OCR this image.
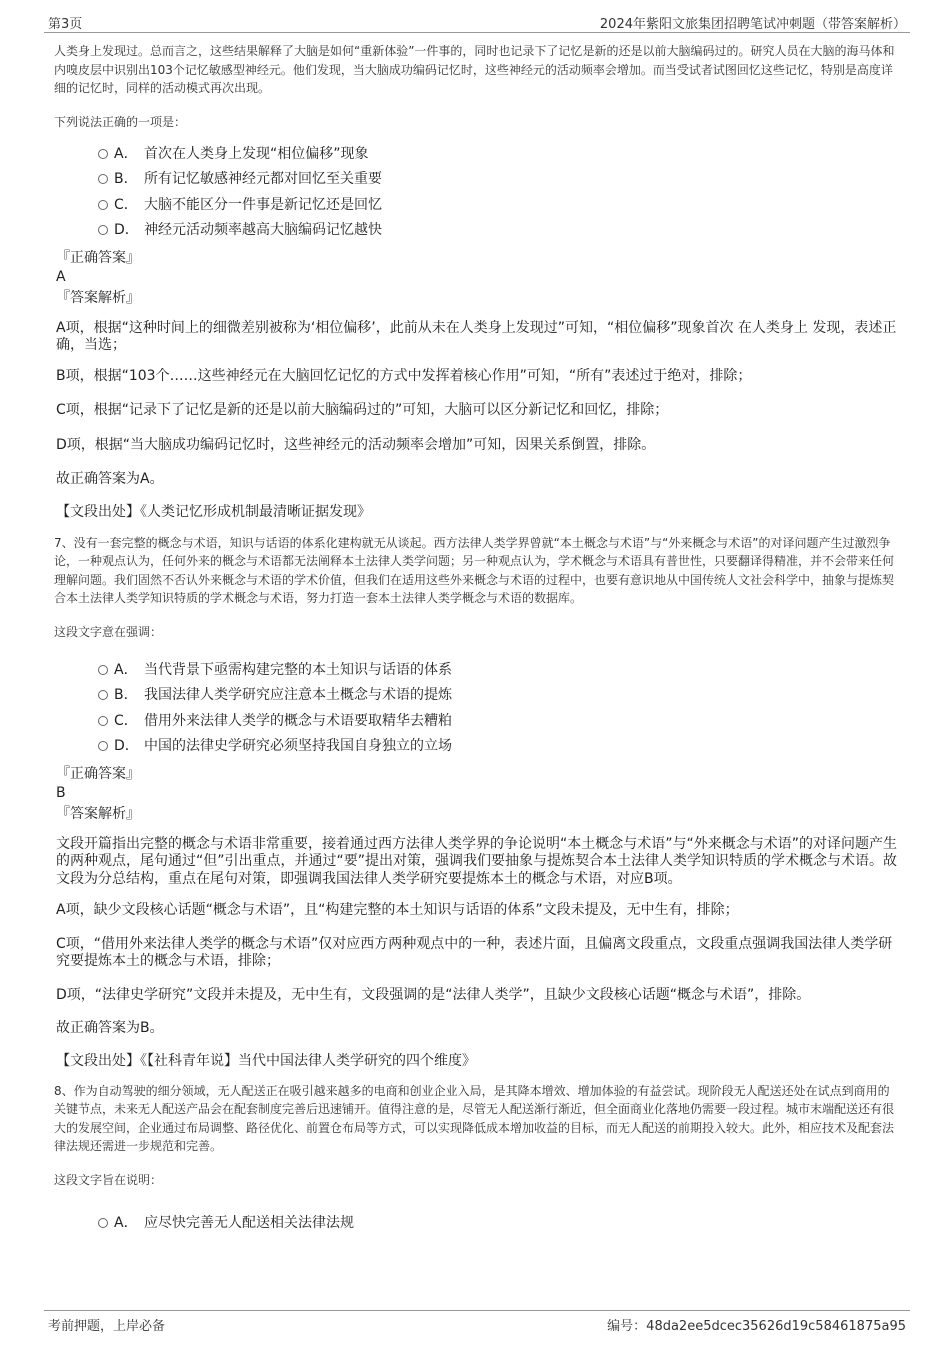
第3页	2024年紫阳文旅集团招聘笔试冲刺题（带答案解析）

人类身上发现过。总而言之，这些结果解释了大脑是如何“重新体验”一件事的，同时也记录下了记忆是新的还是以前大脑编码过的。研究人员在大脑的海马体和内嗅皮层中识别出103个记忆敏感型神经元。他们发现，当大脑成功编码记忆时，这些神经元的活动频率会增加。而当受试者试图回忆这些记忆，特别是高度详细的记忆时，同样的活动模式再次出现。

下列说法正确的一项是：

A． 首次在人类身上发现“相位偏移”现象
B． 所有记忆敏感神经元都对回忆至关重要
C． 大脑不能区分一件事是新记忆还是回忆
D． 神经元活动频率越高大脑编码记忆越快

『正确答案』

A

『答案解析』

A项，根据“这种时间上的细微差别被称为‘相位偏移’，此前从未在人类身上发现过”可知，“相位偏移”现象首次 在人类身上 发现，表述正确，当选；

B项，根据“103个……这些神经元在大脑回忆记忆的方式中发挥着核心作用”可知，“所有”表述过于绝对，排除；

C项，根据“记录下了记忆是新的还是以前大脑编码过的”可知，大脑可以区分新记忆和回忆，排除；

D项，根据“当大脑成功编码记忆时，这些神经元的活动频率会增加”可知，因果关系倒置，排除。

故正确答案为A。

【文段出处】《人类记忆形成机制最清晰证据发现》

7、没有一套完整的概念与术语，知识与话语的体系化建构就无从谈起。西方法律人类学界曾就“本土概念与术语”与“外来概念与术语”的对译问题产生过激烈争论，一种观点认为，任何外来的概念与术语都无法阐释本土法律人类学问题；另一种观点认为，学术概念与术语具有普世性，只要翻译得精准，并不会带来任何理解问题。我们固然不否认外来概念与术语的学术价值，但我们在适用这些外来概念与术语的过程中，也要有意识地从中国传统人文社会科学中，抽象与提炼契合本土法律人类学知识特质的学术概念与术语，努力打造一套本土法律人类学概念与术语的数据库。

这段文字意在强调：

A． 当代背景下亟需构建完整的本土知识与话语的体系
B． 我国法律人类学研究应注意本土概念与术语的提炼
C． 借用外来法律人类学的概念与术语要取精华去糟粕
D． 中国的法律史学研究必须坚持我国自身独立的立场

『正确答案』

B

『答案解析』

文段开篇指出完整的概念与术语非常重要，接着通过西方法律人类学界的争论说明“本土概念与术语”与“外来概念与术语”的对译问题产生的两种观点，尾句通过“但”引出重点，并通过“要”提出对策，强调我们要抽象与提炼契合本土法律人类学知识特质的学术概念与术语。故文段为分总结构，重点在尾句对策，即强调我国法律人类学研究要提炼本土的概念与术语，对应B项。

A项，缺少文段核心话题“概念与术语”，且“构建完整的本土知识与话语的体系”文段未提及，无中生有，排除；

C项，“借用外来法律人类学的概念与术语”仅对应西方两种观点中的一种，表述片面，且偏离文段重点，文段重点强调我国法律人类学研究要提炼本土的概念与术语，排除；

D项，“法律史学研究”文段并未提及，无中生有，文段强调的是“法律人类学”，且缺少文段核心话题“概念与术语”，排除。

故正确答案为B。

【文段出处】《【社科青年说】当代中国法律人类学研究的四个维度》

8、作为自动驾驶的细分领域，无人配送正在吸引越来越多的电商和创业企业入局，是其降本增效、增加体验的有益尝试。现阶段无人配送还处在试点到商用的关键节点，未来无人配送产品会在配套制度完善后迅速铺开。值得注意的是，尽管无人配送渐行渐近，但全面商业化落地仍需要一段过程。城市末端配送还有很大的发展空间，企业通过布局调整、路径优化、前置仓布局等方式，可以实现降低成本增加收益的目标，而无人配送的前期投入较大。此外，相应技术及配套法律法规还需进一步规范和完善。

这段文字旨在说明：

A． 应尽快完善无人配送相关法律法规
考前押题，上岸必备	编号：48da2ee5dcec35626d19c58461875a95
